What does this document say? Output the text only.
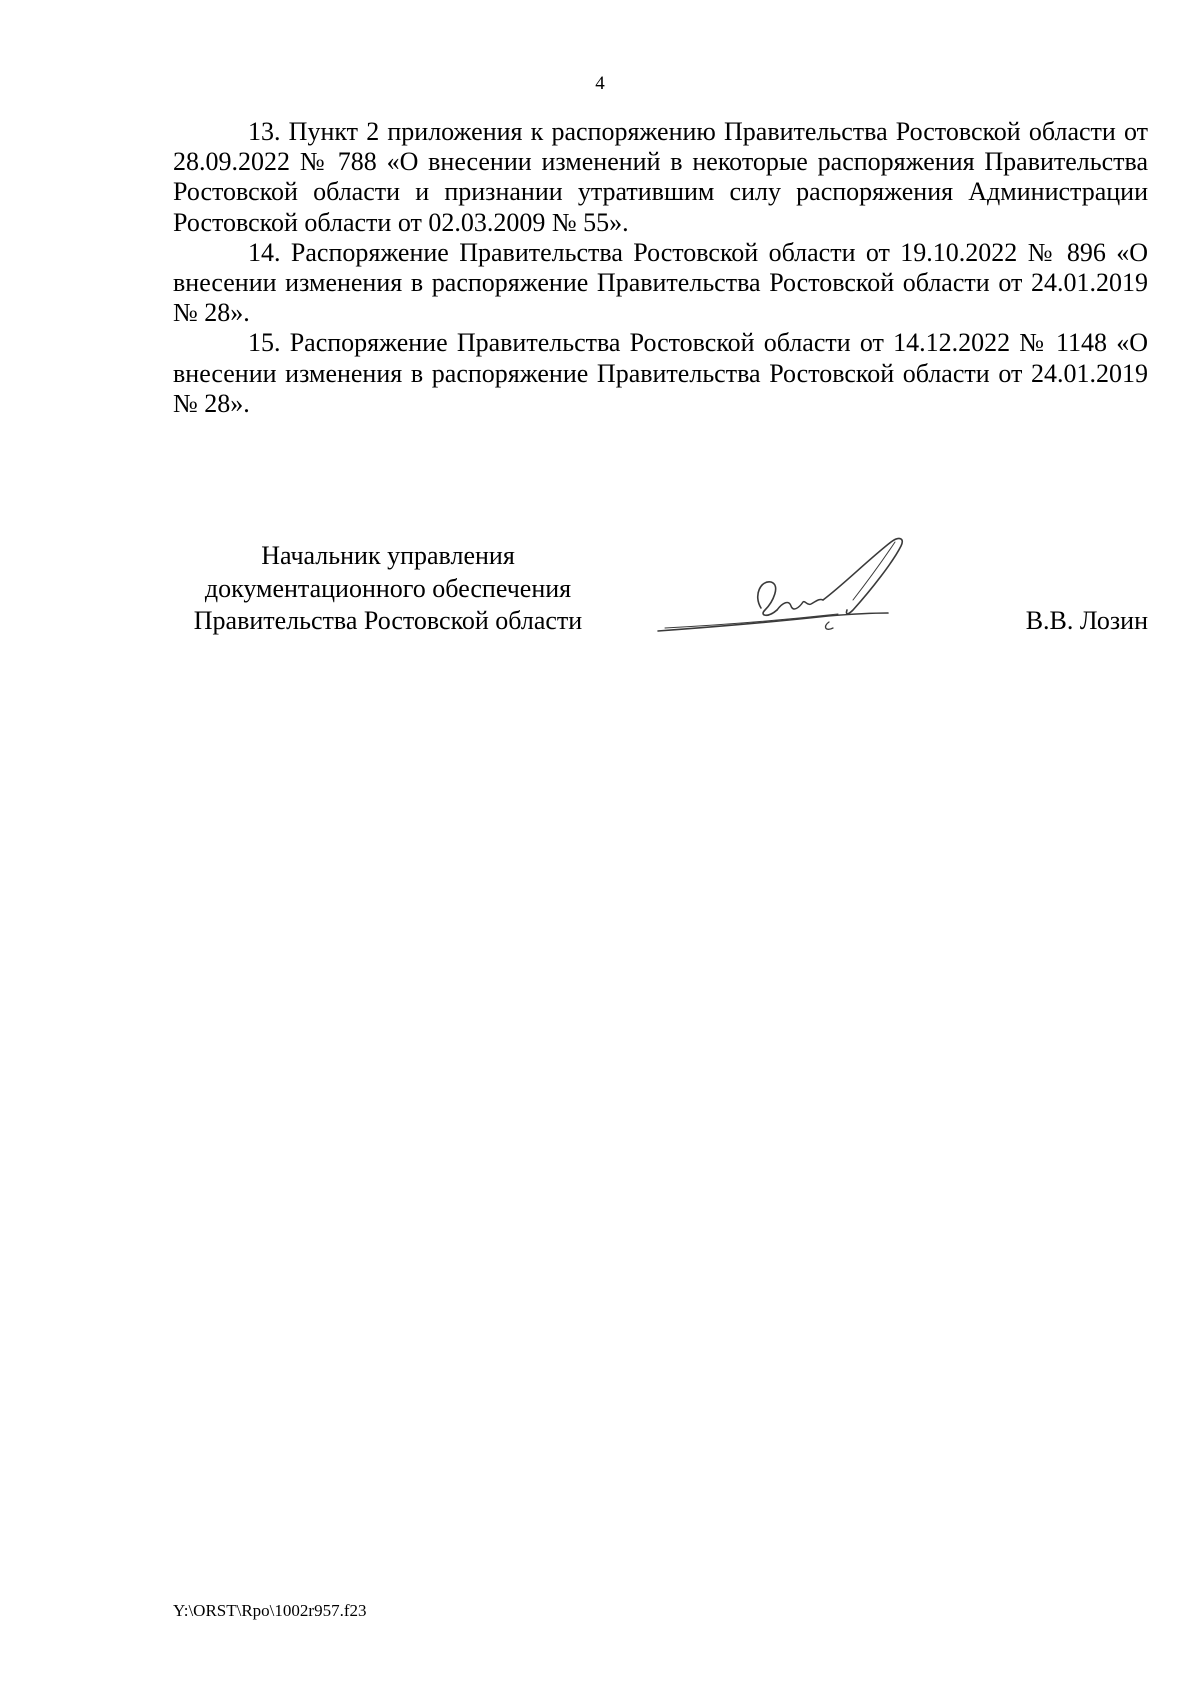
4

13. Пункт 2 приложения к распоряжению Правительства Ростовской области от 28.09.2022 № 788 «О внесении изменений в некоторые распоряжения Правительства Ростовской области и признании утратившим силу распоряжения Администрации Ростовской области от 02.03.2009 № 55».

14. Распоряжение Правительства Ростовской области от 19.10.2022 № 896 «О внесении изменения в распоряжение Правительства Ростовской области от 24.01.2019 № 28».

15. Распоряжение Правительства Ростовской области от 14.12.2022 № 1148 «О внесении изменения в распоряжение Правительства Ростовской области от 24.01.2019 № 28».

Начальник управления
документационного обеспечения
Правительства Ростовской области	В.В. Лозин
Y:\ORST\Rpo\1002r957.f23
